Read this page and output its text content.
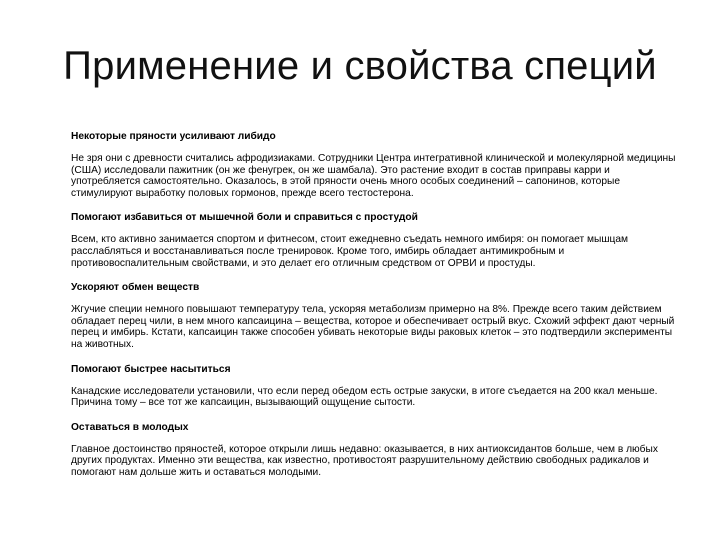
Применение и свойства специй

Некоторые пряности усиливают либидо

Не зря они с древности считались афродизиаками. Сотрудники Центра интегративной клинической и молекулярной медицины (США) исследовали пажитник (он же фенугрек, он же шамбала). Это растение входит в состав приправы карри и употребляется самостоятельно. Оказалось, в этой пряности очень много особых соединений – сапонинов, которые стимулируют выработку половых гормонов, прежде всего тестостерона.

Помогают избавиться от мышечной боли и справиться с простудой

Всем, кто активно занимается спортом и фитнесом, стоит ежедневно съедать немного имбиря: он помогает мышцам расслабляться и восстанавливаться после тренировок. Кроме того, имбирь обладает антимикробным и противовоспалительным свойствами, и это делает его отличным средством от ОРВИ и простуды.

Ускоряют обмен веществ

Жгучие специи немного повышают температуру тела, ускоряя метаболизм примерно на 8%. Прежде всего таким действием обладает перец чили, в нем много капсаицина – вещества, которое и обеспечивает острый вкус. Схожий эффект дают черный перец и имбирь. Кстати, капсаицин также способен убивать некоторые виды раковых клеток – это подтвердили эксперименты на животных.

Помогают быстрее насытиться

Канадские исследователи установили, что если перед обедом есть острые закуски, в итоге съедается на 200 ккал меньше. Причина тому – все тот же капсаицин, вызывающий ощущение сытости.

Оставаться в молодых

Главное достоинство пряностей, которое открыли лишь недавно: оказывается, в них антиоксидантов больше, чем в любых других продуктах. Именно эти вещества, как известно, противостоят разрушительному действию свободных радикалов и помогают нам дольше жить и оставаться молодыми.
